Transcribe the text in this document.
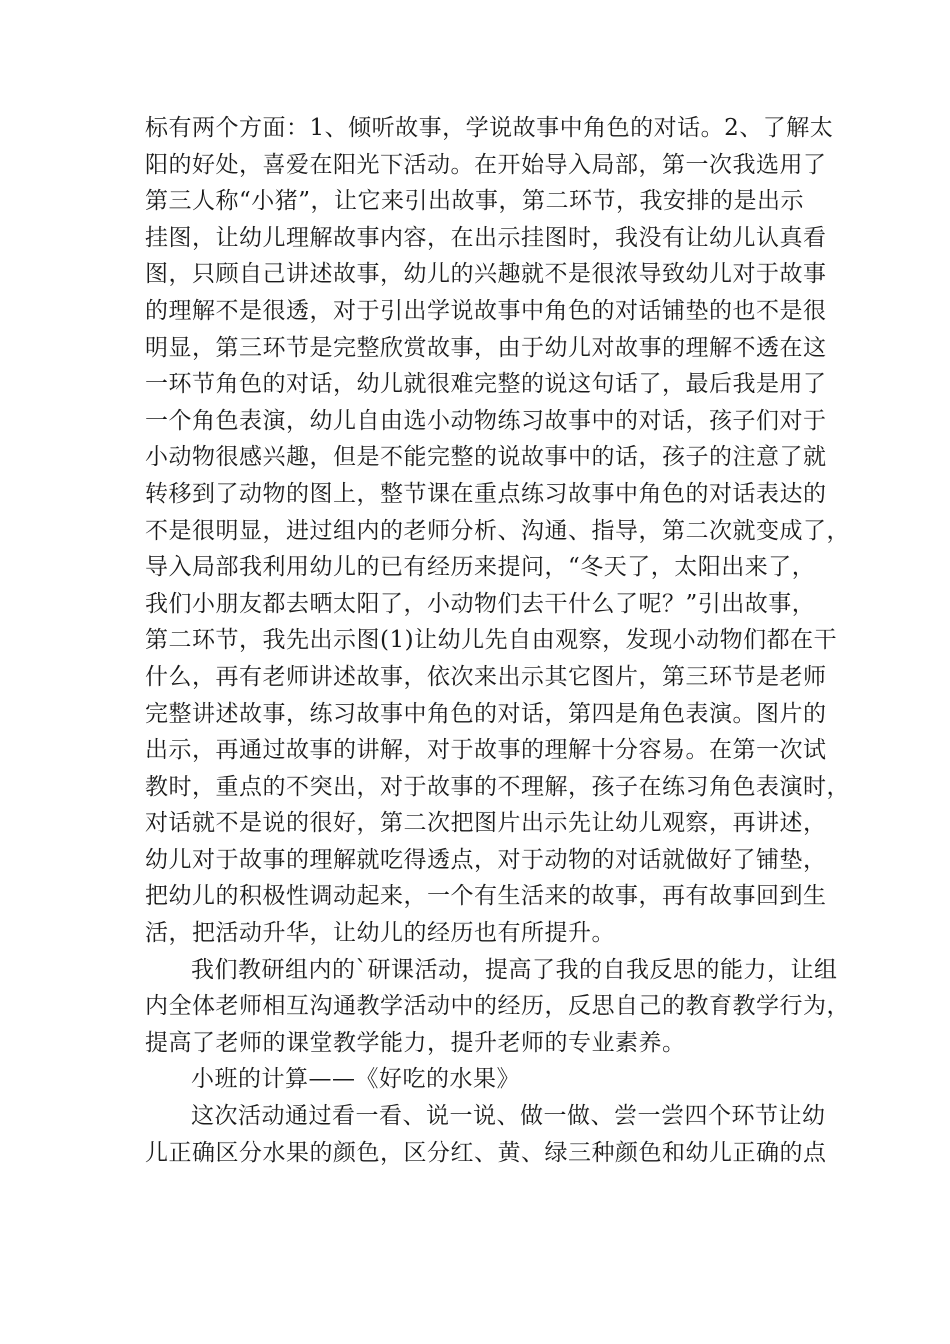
标有两个方面：1、倾听故事，学说故事中角色的对话。2、了解太
阳的好处，喜爱在阳光下活动。在开始导入局部，第一次我选用了
第三人称“小猪”，让它来引出故事，第二环节，我安排的是出示
挂图，让幼儿理解故事内容，在出示挂图时，我没有让幼儿认真看
图，只顾自己讲述故事，幼儿的兴趣就不是很浓导致幼儿对于故事
的理解不是很透，对于引出学说故事中角色的对话铺垫的也不是很
明显，第三环节是完整欣赏故事，由于幼儿对故事的理解不透在这
一环节角色的对话，幼儿就很难完整的说这句话了，最后我是用了
一个角色表演，幼儿自由选小动物练习故事中的对话，孩子们对于
小动物很感兴趣，但是不能完整的说故事中的话，孩子的注意了就
转移到了动物的图上，整节课在重点练习故事中角色的对话表达的
不是很明显，进过组内的老师分析、沟通、指导，第二次就变成了，
导入局部我利用幼儿的已有经历来提问，“冬天了，太阳出来了，
我们小朋友都去晒太阳了，小动物们去干什么了呢？”引出故事，
第二环节，我先出示图(1)让幼儿先自由观察，发现小动物们都在干
什么，再有老师讲述故事，依次来出示其它图片，第三环节是老师
完整讲述故事，练习故事中角色的对话，第四是角色表演。图片的
出示，再通过故事的讲解，对于故事的理解十分容易。在第一次试
教时，重点的不突出，对于故事的不理解，孩子在练习角色表演时，
对话就不是说的很好，第二次把图片出示先让幼儿观察，再讲述，
幼儿对于故事的理解就吃得透点，对于动物的对话就做好了铺垫，
把幼儿的积极性调动起来，一个有生活来的故事，再有故事回到生
活，把活动升华，让幼儿的经历也有所提升。
我们教研组内的`研课活动，提高了我的自我反思的能力，让组
内全体老师相互沟通教学活动中的经历，反思自己的教育教学行为，
提高了老师的课堂教学能力，提升老师的专业素养。
小班的计算——《好吃的水果》
这次活动通过看一看、说一说、做一做、尝一尝四个环节让幼
儿正确区分水果的颜色，区分红、黄、绿三种颜色和幼儿正确的点
